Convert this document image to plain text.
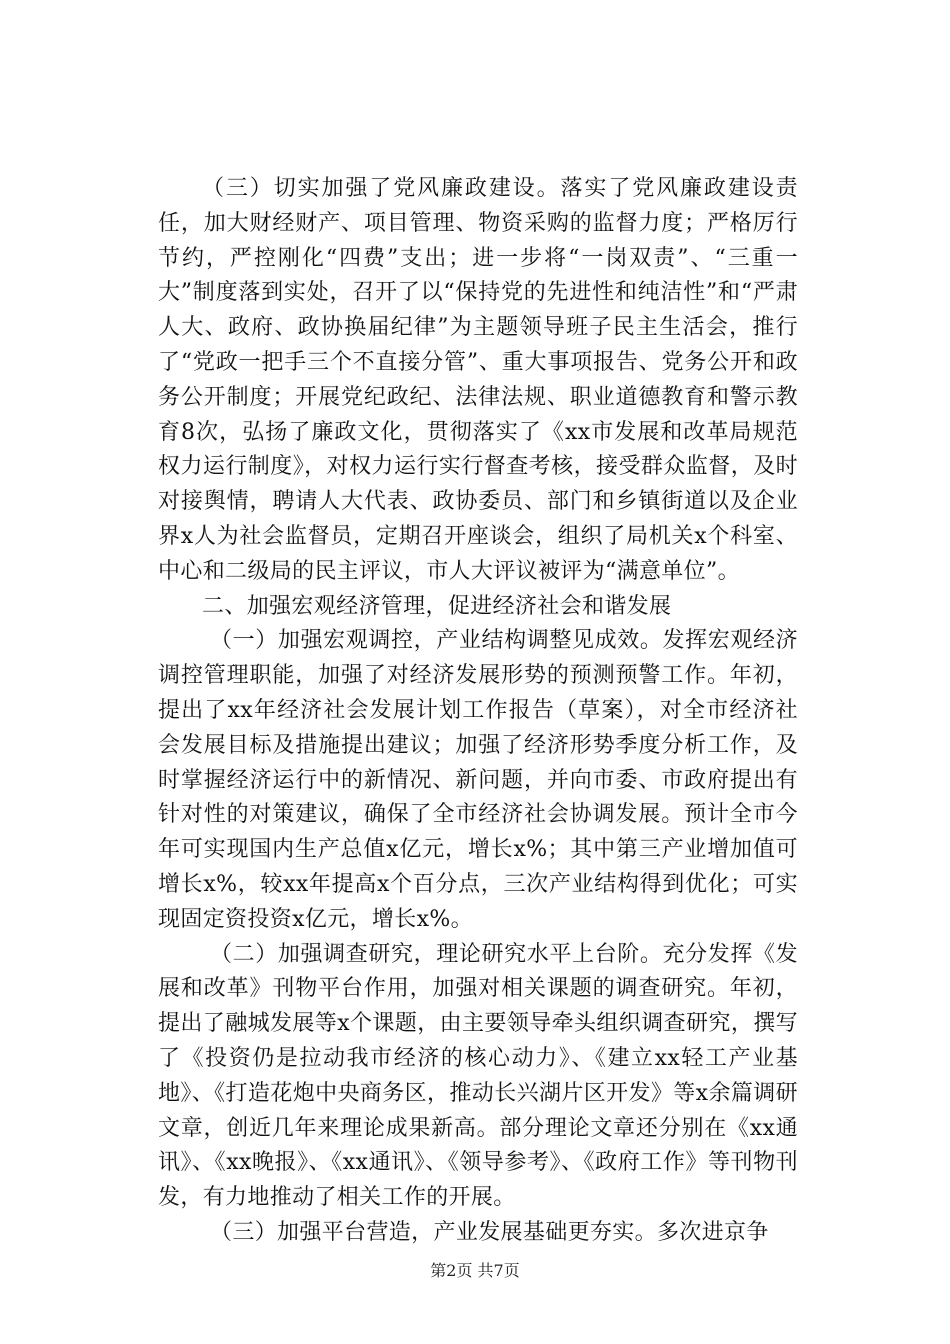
（三）切实加强了党风廉政建设。落实了党风廉政建设责任，加大财经财产、项目管理、物资采购的监督力度；严格厉行节约，严控刚化“四费”支出；进一步将“一岗双责”、“三重一大”制度落到实处，召开了以“保持党的先进性和纯洁性”和“严肃人大、政府、政协换届纪律”为主题领导班子民主生活会，推行了“党政一把手三个不直接分管”、重大事项报告、党务公开和政务公开制度；开展党纪政纪、法律法规、职业道德教育和警示教育8次，弘扬了廉政文化，贯彻落实了《xx市发展和改革局规范权力运行制度》，对权力运行实行督查考核，接受群众监督，及时对接舆情，聘请人大代表、政协委员、部门和乡镇街道以及企业界x人为社会监督员，定期召开座谈会，组织了局机关x个科室、中心和二级局的民主评议，市人大评议被评为“满意单位”。

二、加强宏观经济管理，促进经济社会和谐发展

（一）加强宏观调控，产业结构调整见成效。发挥宏观经济调控管理职能，加强了对经济发展形势的预测预警工作。年初，提出了xx年经济社会发展计划工作报告（草案），对全市经济社会发展目标及措施提出建议；加强了经济形势季度分析工作，及时掌握经济运行中的新情况、新问题，并向市委、市政府提出有针对性的对策建议，确保了全市经济社会协调发展。预计全市今年可实现国内生产总值x亿元，增长x%；其中第三产业增加值可增长x%，较xx年提高x个百分点，三次产业结构得到优化；可实现固定资投资x亿元，增长x%。

（二）加强调查研究，理论研究水平上台阶。充分发挥《发展和改革》刊物平台作用，加强对相关课题的调查研究。年初，提出了融城发展等x个课题，由主要领导牵头组织调查研究，撰写了《投资仍是拉动我市经济的核心动力》、《建立xx轻工产业基地》、《打造花炮中央商务区，推动长兴湖片区开发》等x余篇调研文章，创近几年来理论成果新高。部分理论文章还分别在《xx通讯》、《xx晚报》、《xx通讯》、《领导参考》、《政府工作》等刊物刊发，有力地推动了相关工作的开展。

（三）加强平台营造，产业发展基础更夯实。多次进京争

第2页 共7页
